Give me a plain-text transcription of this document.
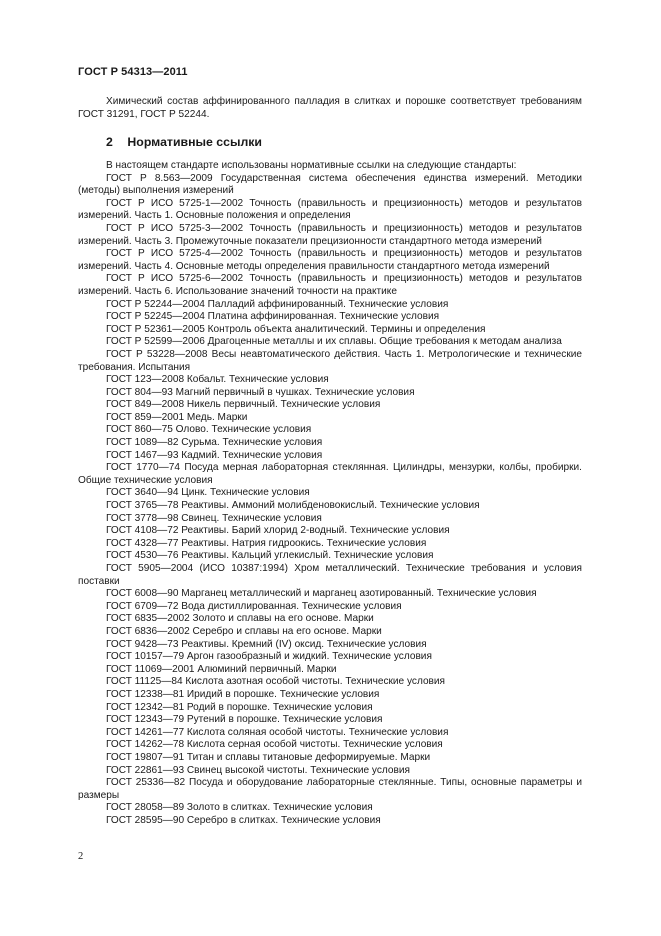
ГОСТ Р 54313—2011

Химический состав аффинированного палладия в слитках и порошке соответствует требованиям ГОСТ 31291, ГОСТ Р 52244.

2 Нормативные ссылки

В настоящем стандарте использованы нормативные ссылки на следующие стандарты:

ГОСТ Р 8.563—2009 Государственная система обеспечения единства измерений. Методики (методы) выполнения измерений

ГОСТ Р ИСО 5725-1—2002 Точность (правильность и прецизионность) методов и результатов измерений. Часть 1. Основные положения и определения

ГОСТ Р ИСО 5725-3—2002 Точность (правильность и прецизионность) методов и результатов измерений. Часть 3. Промежуточные показатели прецизионности стандартного метода измерений

ГОСТ Р ИСО 5725-4—2002 Точность (правильность и прецизионность) методов и результатов измерений. Часть 4. Основные методы определения правильности стандартного метода измерений

ГОСТ Р ИСО 5725-6—2002 Точность (правильность и прецизионность) методов и результатов измерений. Часть 6. Использование значений точности на практике

ГОСТ Р 52244—2004 Палладий аффинированный. Технические условия

ГОСТ Р 52245—2004 Платина аффинированная. Технические условия

ГОСТ Р 52361—2005 Контроль объекта аналитический. Термины и определения

ГОСТ Р 52599—2006 Драгоценные металлы и их сплавы. Общие требования к методам анализа

ГОСТ Р 53228—2008 Весы неавтоматического действия. Часть 1. Метрологические и технические требования. Испытания

ГОСТ 123—2008 Кобальт. Технические условия

ГОСТ 804—93 Магний первичный в чушках. Технические условия

ГОСТ 849—2008 Никель первичный. Технические условия

ГОСТ 859—2001 Медь. Марки

ГОСТ 860—75 Олово. Технические условия

ГОСТ 1089—82 Сурьма. Технические условия

ГОСТ 1467—93 Кадмий. Технические условия

ГОСТ 1770—74 Посуда мерная лабораторная стеклянная. Цилиндры, мензурки, колбы, пробирки. Общие технические условия

ГОСТ 3640—94 Цинк. Технические условия

ГОСТ 3765—78 Реактивы. Аммоний молибденовокислый. Технические условия

ГОСТ 3778—98 Свинец. Технические условия

ГОСТ 4108—72 Реактивы. Барий хлорид 2-водный. Технические условия

ГОСТ 4328—77 Реактивы. Натрия гидроокись. Технические условия

ГОСТ 4530—76 Реактивы. Кальций углекислый. Технические условия

ГОСТ 5905—2004 (ИСО 10387:1994) Хром металлический. Технические требования и условия поставки

ГОСТ 6008—90 Марганец металлический и марганец азотированный. Технические условия

ГОСТ 6709—72 Вода дистиллированная. Технические условия

ГОСТ 6835—2002 Золото и сплавы на его основе. Марки

ГОСТ 6836—2002 Серебро и сплавы на его основе. Марки

ГОСТ 9428—73 Реактивы. Кремний (IV) оксид. Технические условия

ГОСТ 10157—79 Аргон газообразный и жидкий. Технические условия

ГОСТ 11069—2001 Алюминий первичный. Марки

ГОСТ 11125—84 Кислота азотная особой чистоты. Технические условия

ГОСТ 12338—81 Иридий в порошке. Технические условия

ГОСТ 12342—81 Родий в порошке. Технические условия

ГОСТ 12343—79 Рутений в порошке. Технические условия

ГОСТ 14261—77 Кислота соляная особой чистоты. Технические условия

ГОСТ 14262—78 Кислота серная особой чистоты. Технические условия

ГОСТ 19807—91 Титан и сплавы титановые деформируемые. Марки

ГОСТ 22861—93 Свинец высокой чистоты. Технические условия

ГОСТ 25336—82 Посуда и оборудование лабораторные стеклянные. Типы, основные параметры и размеры

ГОСТ 28058—89 Золото в слитках. Технические условия

ГОСТ 28595—90 Серебро в слитках. Технические условия

2
